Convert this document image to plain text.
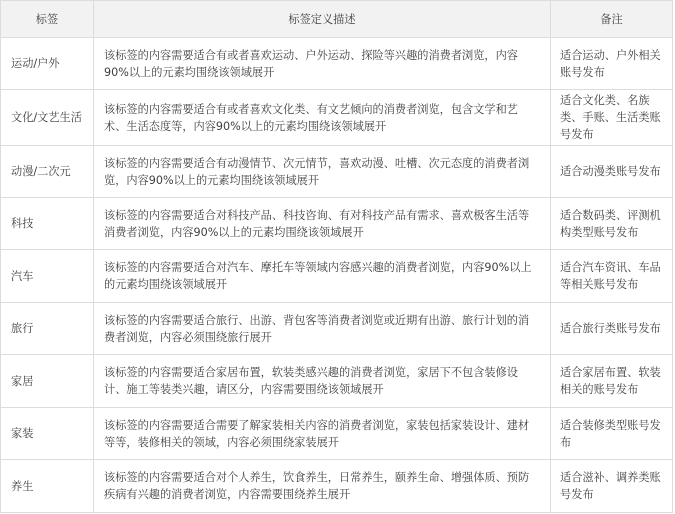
标签	标签定义描述	备注
运动/户外	该标签的内容需要适合有或者喜欢运动、户外运动、探险等兴趣的消费者浏览，内容90%以上的元素均围绕该领域展开	适合运动、户外相关账号发布
文化/文艺生活	该标签的内容需要适合有或者喜欢文化类、有文艺倾向的消费者浏览，包含文学和艺术、生活态度等，内容90%以上的元素均围绕该领域展开	适合文化类、名族类、手账、生活类账号发布
动漫/二次元	该标签的内容需要适合有动漫情节、次元情节，喜欢动漫、吐槽、次元态度的消费者浏览，内容90%以上的元素均围绕该领域展开	适合动漫类账号发布
科技	该标签的内容需要适合对科技产品、科技咨询、有对科技产品有需求、喜欢极客生活等消费者浏览，内容90%以上的元素均围绕该领域展开	适合数码类、评测机构类型账号发布
汽车	该标签的内容需要适合对汽车、摩托车等领域内容感兴趣的消费者浏览，内容90%以上的元素均围绕该领域展开	适合汽车资讯、车品等相关账号发布
旅行	该标签的内容需要适合旅行、出游、背包客等消费者浏览或近期有出游、旅行计划的消费者浏览，内容必须围绕旅行展开	适合旅行类账号发布
家居	该标签的内容需要适合家居布置，软装类感兴趣的消费者浏览，家居下不包含装修设计、施工等装类兴趣，请区分，内容需要围绕该领域展开	适合家居布置、软装相关的账号发布
家装	该标签的内容需要适合需要了解家装相关内容的消费者浏览，家装包括家装设计、建材等等，装修相关的领域，内容必须围绕家装展开	适合装修类型账号发布
养生	该标签的内容需要适合对个人养生，饮食养生，日常养生，颐养生命、增强体质、预防疾病有兴趣的消费者浏览，内容需要围绕养生展开	适合滋补、调养类账号发布
